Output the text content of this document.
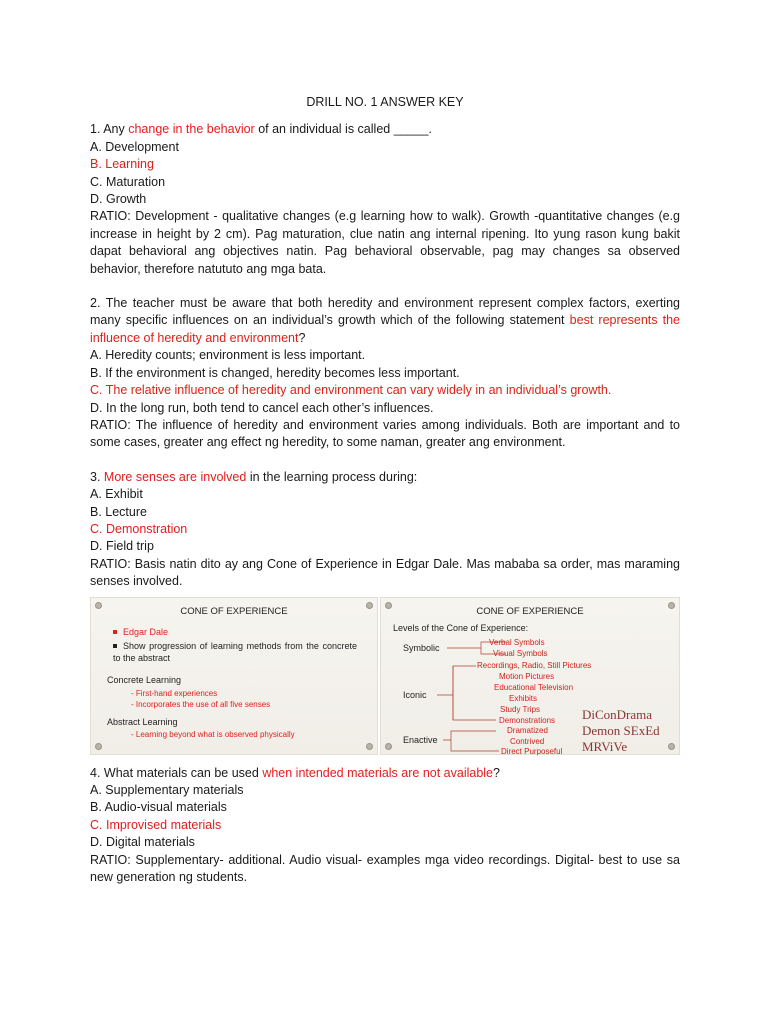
DRILL NO. 1 ANSWER KEY
1. Any change in the behavior of an individual is called _____.
A. Development
B. Learning
C. Maturation
D. Growth
RATIO: Development - qualitative changes (e.g learning how to walk). Growth -quantitative changes (e.g increase in height by 2 cm). Pag maturation, clue natin ang internal ripening. Ito yung rason kung bakit dapat behavioral ang objectives natin. Pag behavioral observable, pag may changes sa observed behavior, therefore natututo ang mga bata.
2. The teacher must be aware that both heredity and environment represent complex factors, exerting many specific influences on an individual’s growth which of the following statement best represents the influence of heredity and environment?
A. Heredity counts; environment is less important.
B. If the environment is changed, heredity becomes less important.
C. The relative influence of heredity and environment can vary widely in an individual’s growth.
D. In the long run, both tend to cancel each other’s influences.
RATIO: The influence of heredity and environment varies among individuals. Both are important and to some cases, greater ang effect ng heredity, to some naman, greater ang environment.
3. More senses are involved in the learning process during:
A. Exhibit
B. Lecture
C. Demonstration
D. Field trip
RATIO: Basis natin dito ay ang Cone of Experience in Edgar Dale. Mas mababa sa order, mas maraming senses involved.
CONE OF EXPERIENCE
Edgar Dale
Show progression of learning methods from the concrete to the abstract
Concrete Learning
- First-hand experiences
- Incorporates the use of all five senses
Abstract Learning
- Learning beyond what is observed physically
CONE OF EXPERIENCE
Levels of the Cone of Experience:
Symbolic
Iconic
Enactive
Verbal Symbols
Visual Symbols
Recordings, Radio, Still Pictures
Motion Pictures
Educational Television
Exhibits
Study Trips
Demonstrations
Dramatized
Contrived
Direct Purposeful
DiConDrama
Demon SExEd
MRViVe
4. What materials can be used when intended materials are not available?
A. Supplementary materials
B. Audio-visual materials
C. Improvised materials
D. Digital materials
RATIO: Supplementary- additional. Audio visual- examples mga video recordings. Digital- best to use sa new generation ng students.
